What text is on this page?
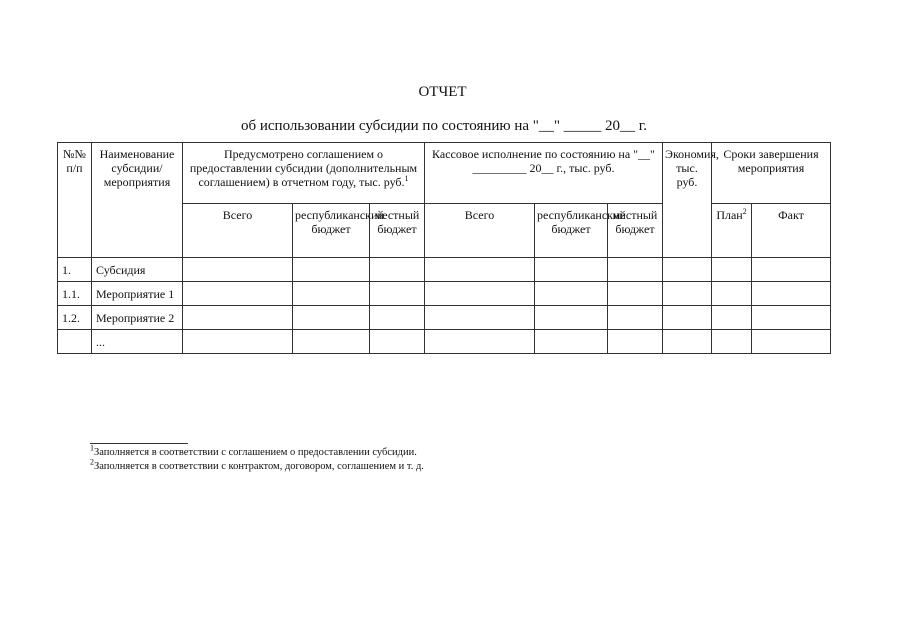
ОТЧЕТ
об использовании субсидии по состоянию на "__" _____ 20__ г.
№№ п/п	Наименование субсидии/ мероприятия	Предусмотрено соглашением о предоставлении субсидии (дополнительным соглашением) в отчетном году, тыс. руб.$^1$			Кассовое исполнение по состоянию на "__" _________ 20__ г., тыс. руб.			Экономия, тыс. руб.	Сроки завершения мероприятия	
		Всего	республиканский бюджет	местный бюджет	Всего	республиканский бюджет	местный бюджет		План$^2$	Факт
1.	Субсидия									
1.1.	Мероприятие 1									
1.2.	Мероприятие 2									
	...									
$^1$Заполняется в соответствии с соглашением о предоставлении субсидии.
$^2$Заполняется в соответствии с контрактом, договором, соглашением и т. д.
